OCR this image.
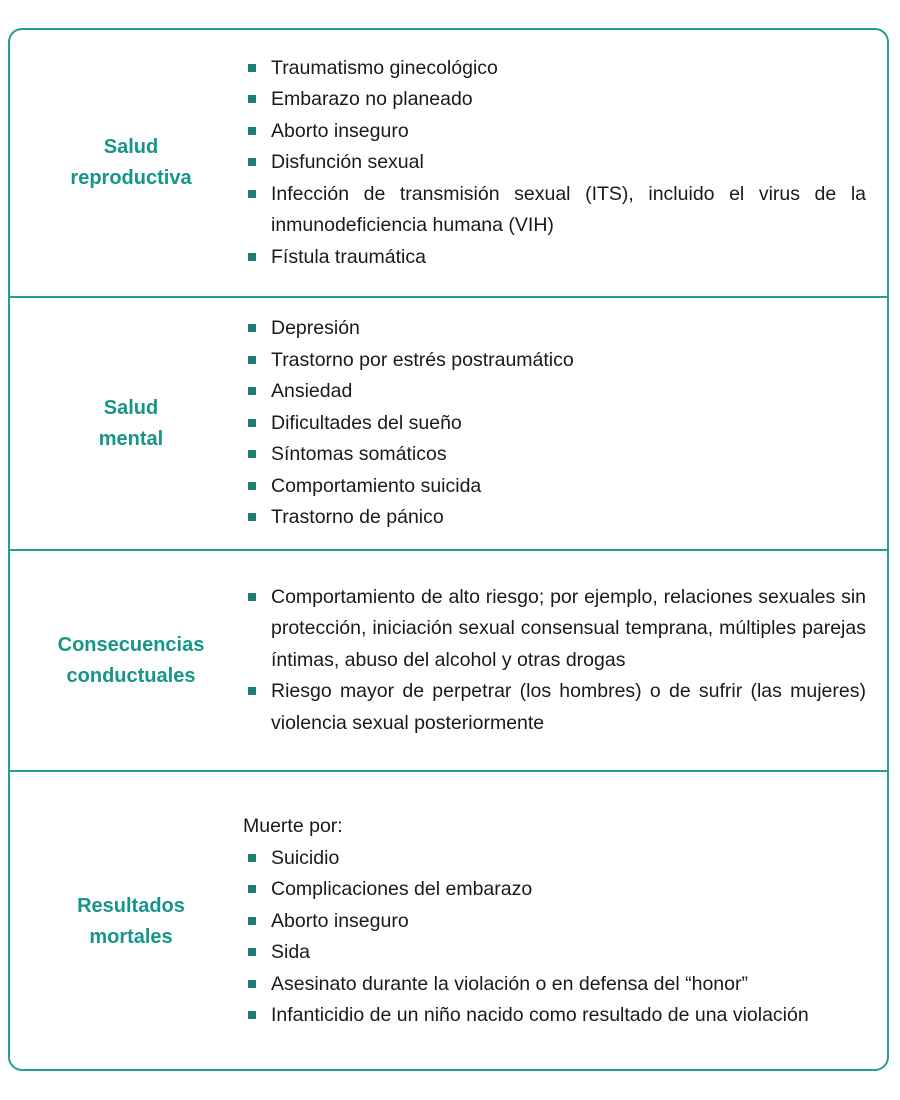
Salud
reproductiva
Traumatismo ginecológico
Embarazo no planeado
Aborto inseguro
Disfunción sexual
Infección de transmisión sexual (ITS), incluido el virus de la inmunodeficiencia humana (VIH)
Fístula traumática
Salud
mental
Depresión
Trastorno por estrés postraumático
Ansiedad
Dificultades del sueño
Síntomas somáticos
Comportamiento suicida
Trastorno de pánico
Consecuencias
conductuales
Comportamiento de alto riesgo; por ejemplo, relaciones sexuales sin protección, iniciación sexual consensual temprana, múltiples parejas íntimas, abuso del alcohol y otras drogas
Riesgo mayor de perpetrar (los hombres) o de sufrir (las mujeres) violencia sexual posteriormente
Resultados
mortales

Muerte por:

Suicidio
Complicaciones del embarazo
Aborto inseguro
Sida
Asesinato durante la violación o en defensa del “honor”
Infanticidio de un niño nacido como resultado de una violación
